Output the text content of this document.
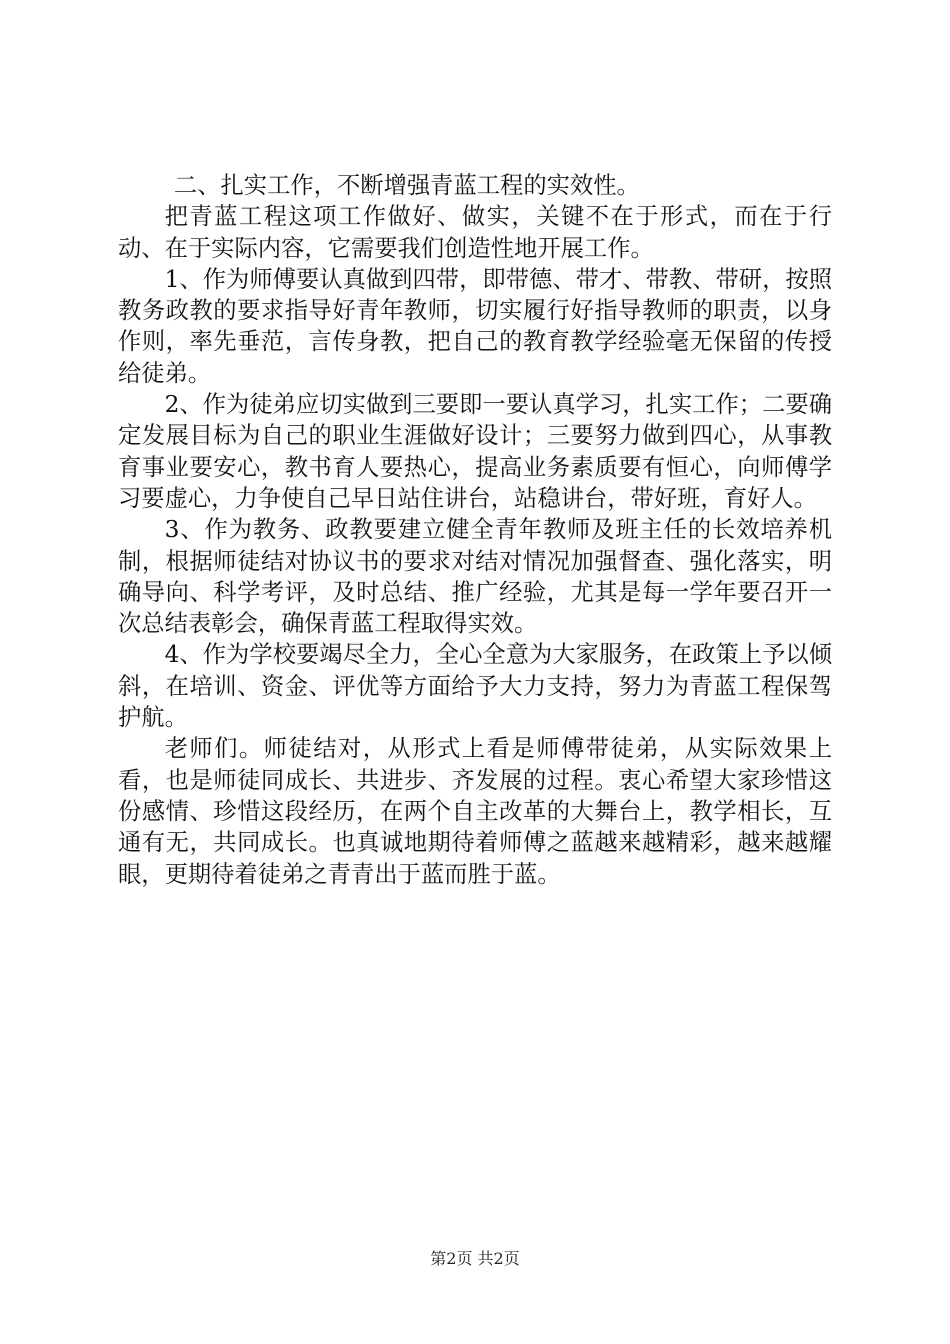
二、扎实工作，不断增强青蓝工程的实效性。

把青蓝工程这项工作做好、做实，关键不在于形式，而在于行动、在于实际内容，它需要我们创造性地开展工作。

1、作为师傅要认真做到四带，即带德、带才、带教、带研，按照教务政教的要求指导好青年教师，切实履行好指导教师的职责，以身作则，率先垂范，言传身教，把自己的教育教学经验毫无保留的传授给徒弟。

2、作为徒弟应切实做到三要即一要认真学习，扎实工作；二要确定发展目标为自己的职业生涯做好设计；三要努力做到四心，从事教育事业要安心，教书育人要热心，提高业务素质要有恒心，向师傅学习要虚心，力争使自己早日站住讲台，站稳讲台，带好班，育好人。

3、作为教务、政教要建立健全青年教师及班主任的长效培养机制，根据师徒结对协议书的要求对结对情况加强督查、强化落实，明确导向、科学考评，及时总结、推广经验，尤其是每一学年要召开一次总结表彰会，确保青蓝工程取得实效。

4、作为学校要竭尽全力，全心全意为大家服务，在政策上予以倾斜，在培训、资金、评优等方面给予大力支持，努力为青蓝工程保驾护航。

老师们。师徒结对，从形式上看是师傅带徒弟，从实际效果上看，也是师徒同成长、共进步、齐发展的过程。衷心希望大家珍惜这份感情、珍惜这段经历，在两个自主改革的大舞台上，教学相长，互通有无，共同成长。也真诚地期待着师傅之蓝越来越精彩，越来越耀眼，更期待着徒弟之青青出于蓝而胜于蓝。

第2页 共2页
